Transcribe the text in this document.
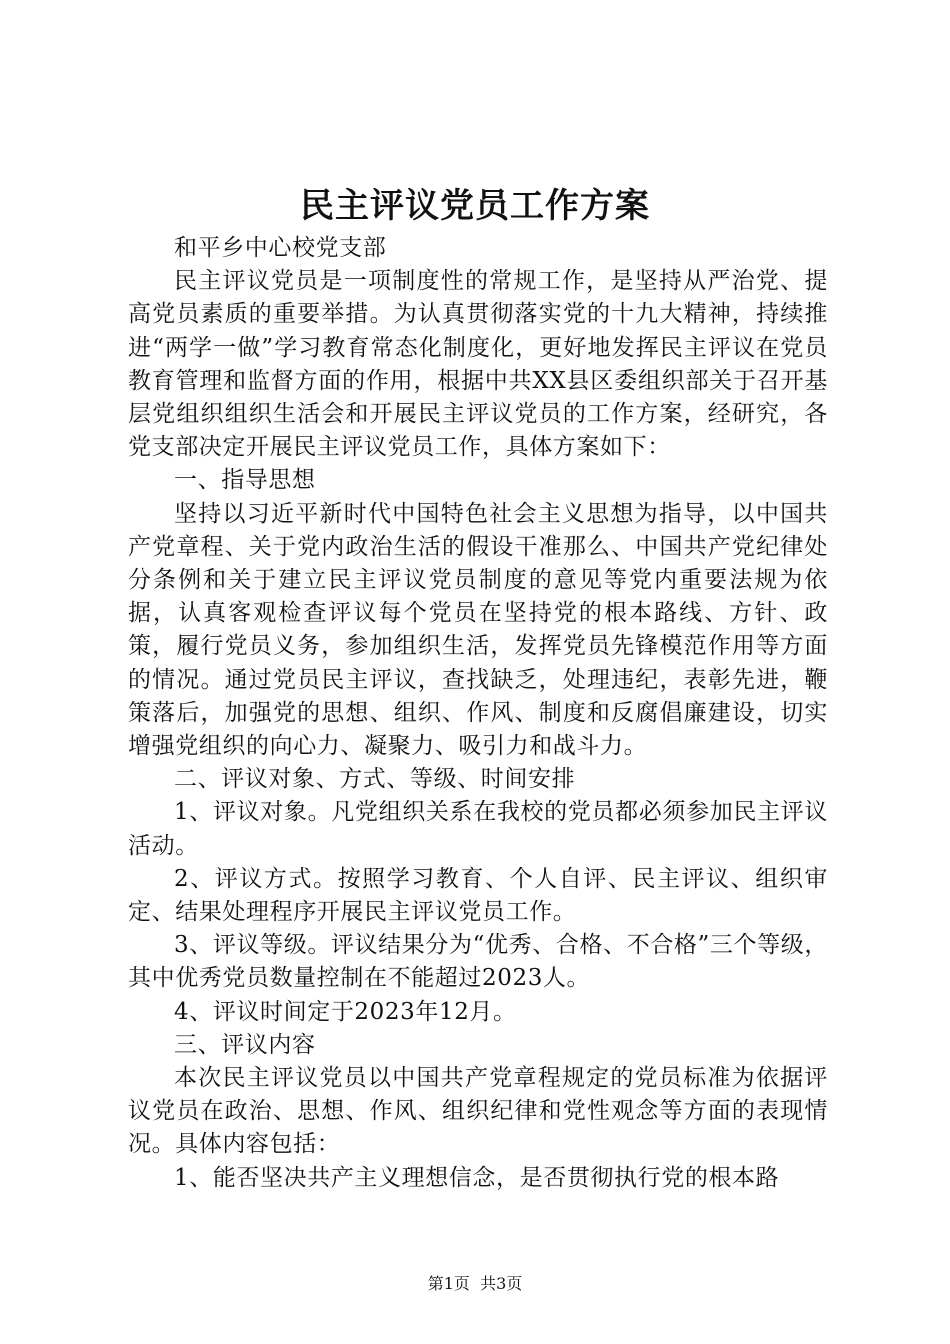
民主评议党员工作方案

和平乡中心校党支部

民主评议党员是一项制度性的常规工作，是坚持从严治党、提高党员素质的重要举措。为认真贯彻落实党的十九大精神，持续推进“两学一做”学习教育常态化制度化，更好地发挥民主评议在党员教育管理和监督方面的作用，根据中共XX县区委组织部关于召开基层党组织组织生活会和开展民主评议党员的工作方案，经研究，各党支部决定开展民主评议党员工作，具体方案如下：

一、指导思想

坚持以习近平新时代中国特色社会主义思想为指导，以中国共产党章程、关于党内政治生活的假设干准那么、中国共产党纪律处分条例和关于建立民主评议党员制度的意见等党内重要法规为依据，认真客观检查评议每个党员在坚持党的根本路线、方针、政策，履行党员义务，参加组织生活，发挥党员先锋模范作用等方面的情况。通过党员民主评议，查找缺乏，处理违纪，表彰先进，鞭策落后，加强党的思想、组织、作风、制度和反腐倡廉建设，切实增强党组织的向心力、凝聚力、吸引力和战斗力。

二、评议对象、方式、等级、时间安排

1、评议对象。凡党组织关系在我校的党员都必须参加民主评议活动。

2、评议方式。按照学习教育、个人自评、民主评议、组织审定、结果处理程序开展民主评议党员工作。

3、评议等级。评议结果分为“优秀、合格、不合格”三个等级，其中优秀党员数量控制在不能超过2023人。

4、评议时间定于2023年12月。

三、评议内容

本次民主评议党员以中国共产党章程规定的党员标准为依据评议党员在政治、思想、作风、组织纪律和党性观念等方面的表现情况。具体内容包括：

1、能否坚决共产主义理想信念，是否贯彻执行党的根本路

第1页 共3页
